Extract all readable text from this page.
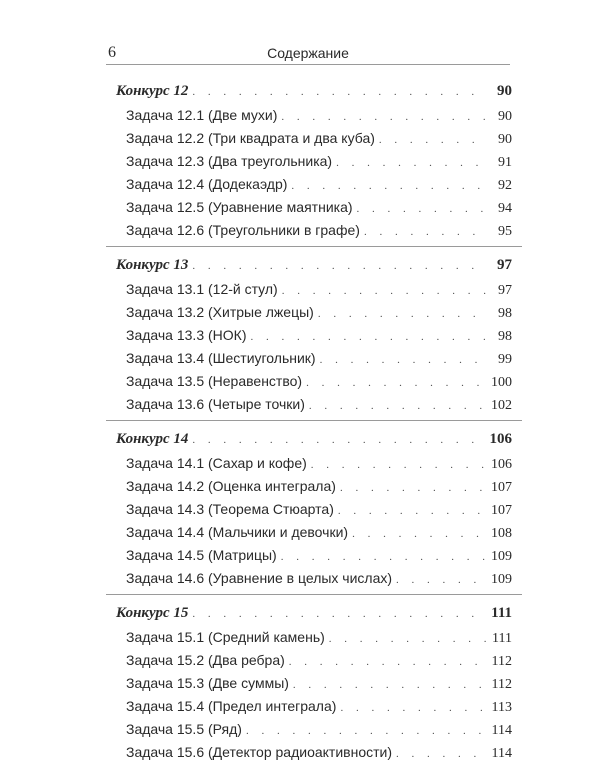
6	Содержание
Конкурс 12 . . .	90
Задача 12.1 (Две мухи) . . .	90
Задача 12.2 (Три квадрата и два куба) . . .	90
Задача 12.3 (Два треугольника) . . .	91
Задача 12.4 (Додекаэдр) . . .	92
Задача 12.5 (Уравнение маятника) . . .	94
Задача 12.6 (Треугольники в графе) . . .	95
Конкурс 13 . . .	97
Задача 13.1 (12-й стул) . . .	97
Задача 13.2 (Хитрые лжецы) . . .	98
Задача 13.3 (НОК) . . .	98
Задача 13.4 (Шестиугольник) . . .	99
Задача 13.5 (Неравенство) . . .	100
Задача 13.6 (Четыре точки) . . .	102
Конкурс 14 . . .	106
Задача 14.1 (Сахар и кофе) . . .	106
Задача 14.2 (Оценка интеграла) . . .	107
Задача 14.3 (Теорема Стюарта) . . .	107
Задача 14.4 (Мальчики и девочки) . . .	108
Задача 14.5 (Матрицы) . . .	109
Задача 14.6 (Уравнение в целых числах) . . .	109
Конкурс 15 . . .	111
Задача 15.1 (Средний камень) . . .	111
Задача 15.2 (Два ребра) . . .	112
Задача 15.3 (Две суммы) . . .	112
Задача 15.4 (Предел интеграла) . . .	113
Задача 15.5 (Ряд) . . .	114
Задача 15.6 (Детектор радиоактивности) . . .	114
